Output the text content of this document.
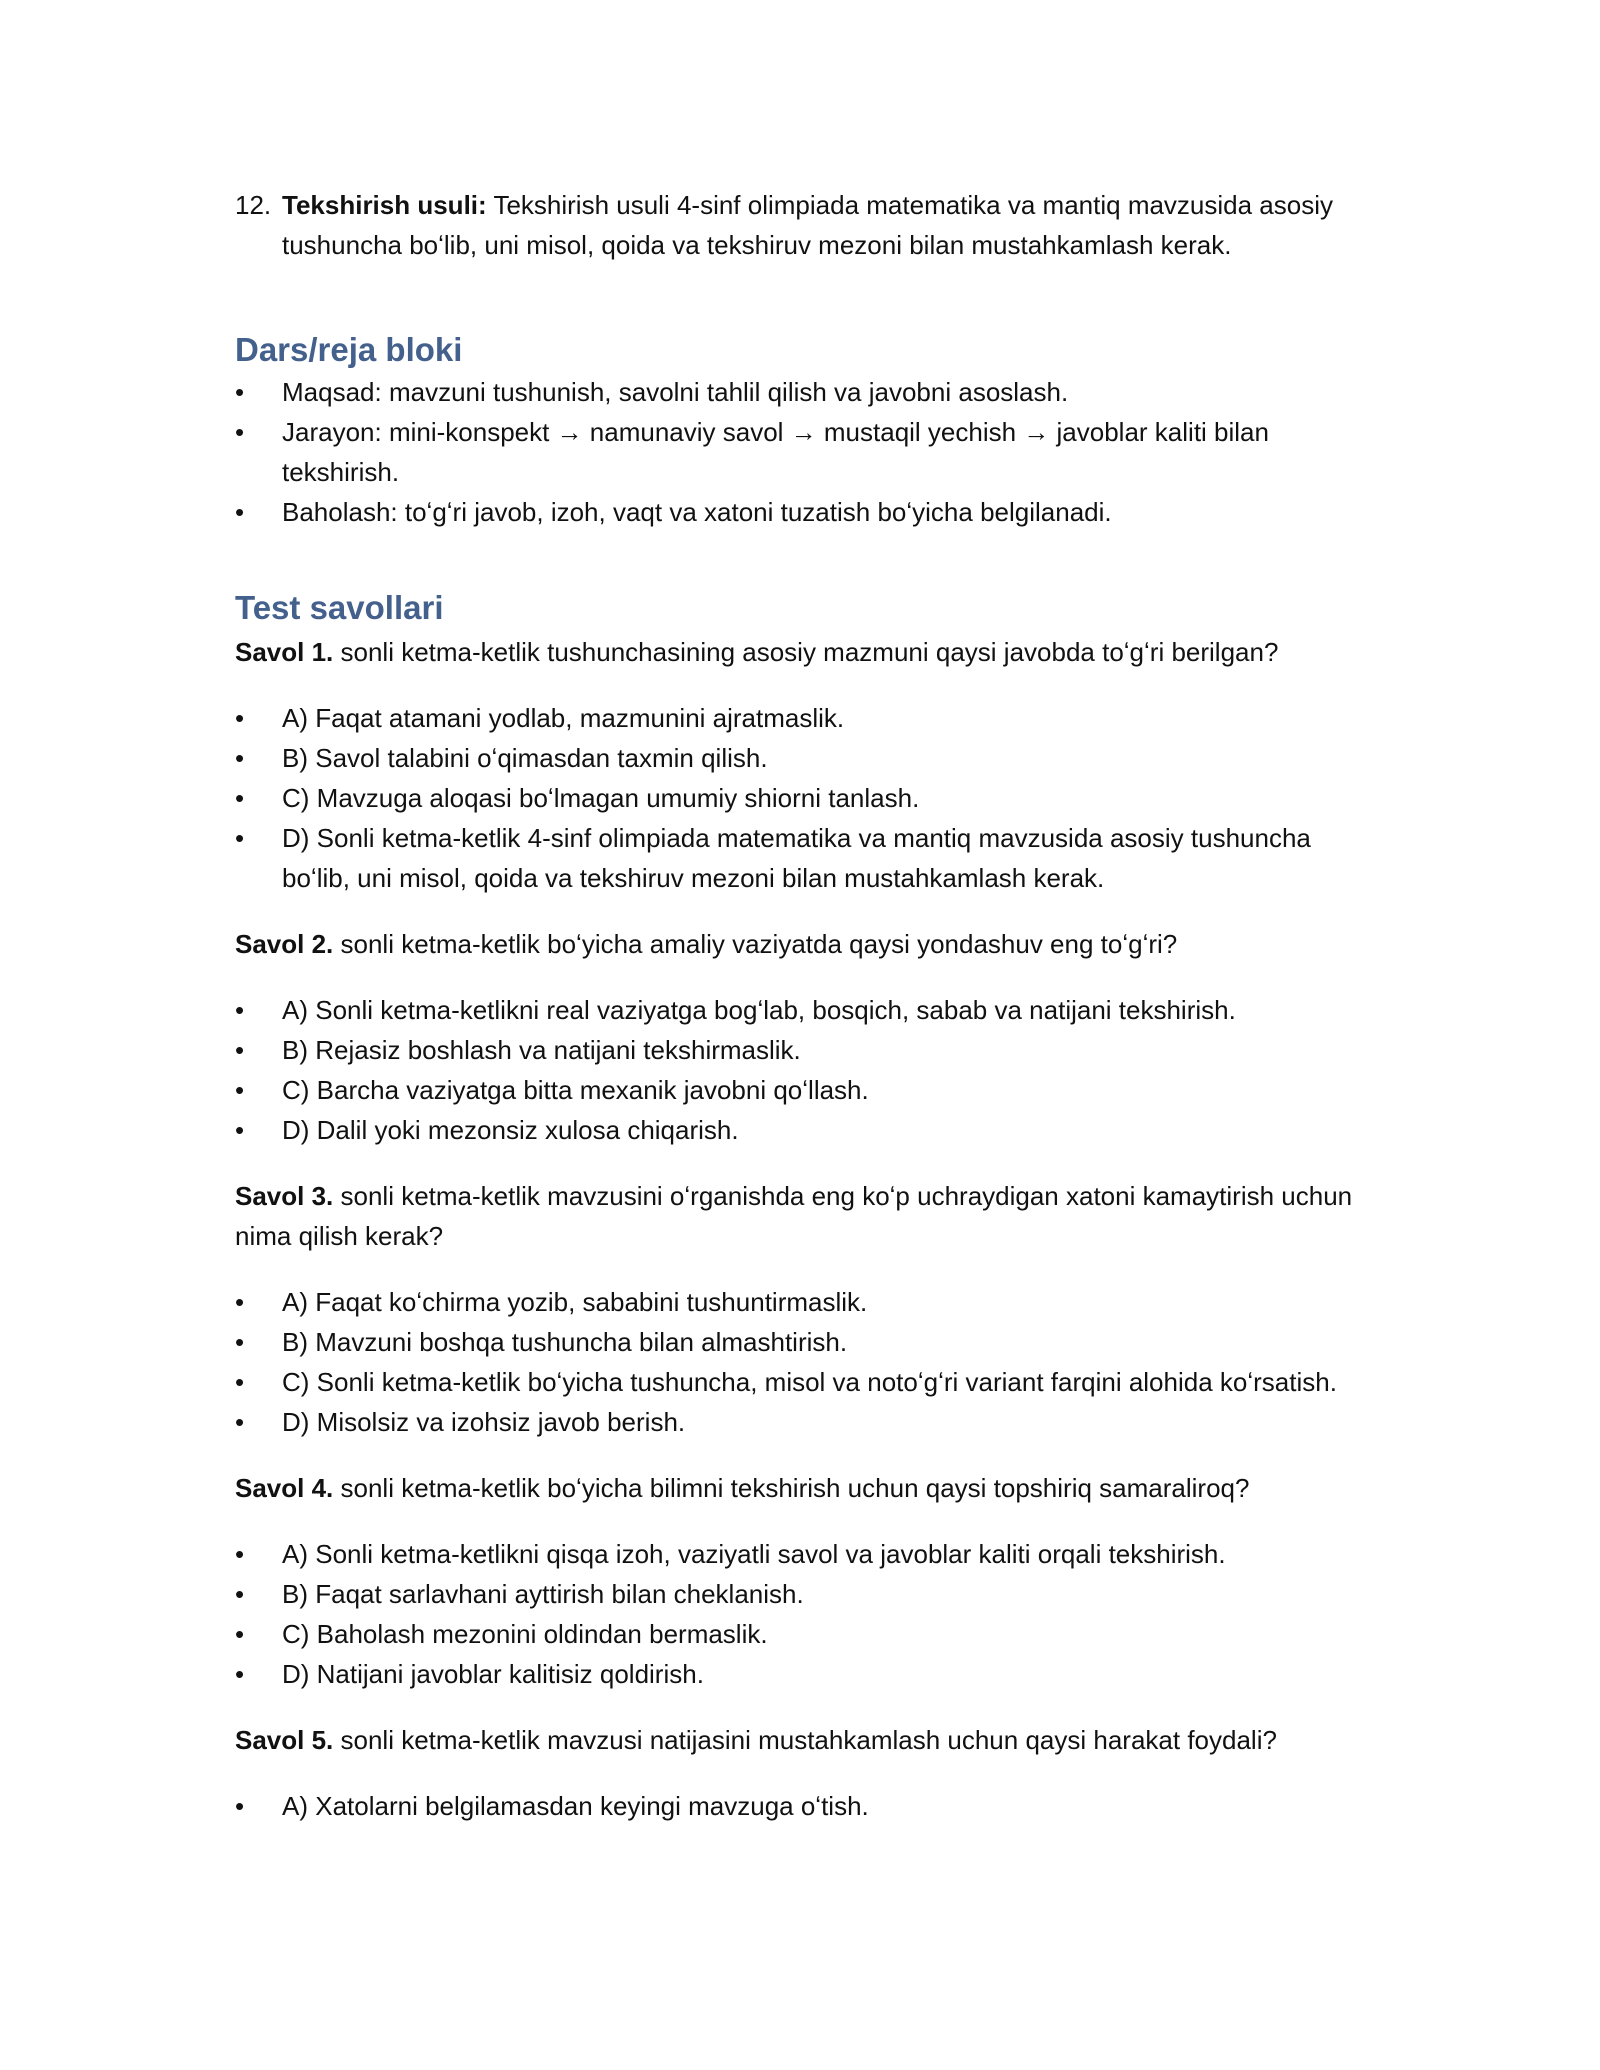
12. Tekshirish usuli: Tekshirish usuli 4-sinf olimpiada matematika va mantiq mavzusida asosiy tushuncha boʻlib, uni misol, qoida va tekshiruv mezoni bilan mustahkamlash kerak.
Dars/reja bloki
• Maqsad: mavzuni tushunish, savolni tahlil qilish va javobni asoslash.
• Jarayon: mini-konspekt → namunaviy savol → mustaqil yechish → javoblar kaliti bilan tekshirish.
• Baholash: toʻgʻri javob, izoh, vaqt va xatoni tuzatish boʻyicha belgilanadi.
Test savollari

Savol 1. sonli ketma-ketlik tushunchasining asosiy mazmuni qaysi javobda toʻgʻri berilgan?

• A) Faqat atamani yodlab, mazmunini ajratmaslik.
• B) Savol talabini oʻqimasdan taxmin qilish.
• C) Mavzuga aloqasi boʻlmagan umumiy shiorni tanlash.
• D) Sonli ketma-ketlik 4-sinf olimpiada matematika va mantiq mavzusida asosiy tushuncha boʻlib, uni misol, qoida va tekshiruv mezoni bilan mustahkamlash kerak.

Savol 2. sonli ketma-ketlik boʻyicha amaliy vaziyatda qaysi yondashuv eng toʻgʻri?

• A) Sonli ketma-ketlikni real vaziyatga bogʻlab, bosqich, sabab va natijani tekshirish.
• B) Rejasiz boshlash va natijani tekshirmaslik.
• C) Barcha vaziyatga bitta mexanik javobni qoʻllash.
• D) Dalil yoki mezonsiz xulosa chiqarish.

Savol 3. sonli ketma-ketlik mavzusini oʻrganishda eng koʻp uchraydigan xatoni kamaytirish uchun nima qilish kerak?

• A) Faqat koʻchirma yozib, sababini tushuntirmaslik.
• B) Mavzuni boshqa tushuncha bilan almashtirish.
• C) Sonli ketma-ketlik boʻyicha tushuncha, misol va notoʻgʻri variant farqini alohida koʻrsatish.
• D) Misolsiz va izohsiz javob berish.

Savol 4. sonli ketma-ketlik boʻyicha bilimni tekshirish uchun qaysi topshiriq samaraliroq?

• A) Sonli ketma-ketlikni qisqa izoh, vaziyatli savol va javoblar kaliti orqali tekshirish.
• B) Faqat sarlavhani ayttirish bilan cheklanish.
• C) Baholash mezonini oldindan bermaslik.
• D) Natijani javoblar kalitisiz qoldirish.

Savol 5. sonli ketma-ketlik mavzusi natijasini mustahkamlash uchun qaysi harakat foydali?

• A) Xatolarni belgilamasdan keyingi mavzuga oʻtish.
